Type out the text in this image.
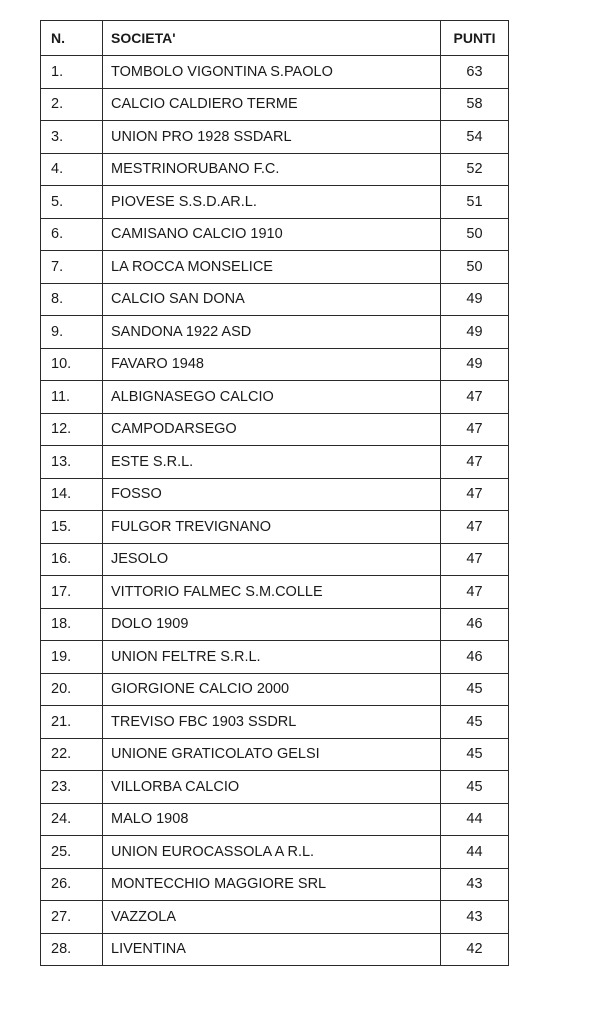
N.	SOCIETA'	PUNTI
1.	TOMBOLO VIGONTINA S.PAOLO	63
2.	CALCIO CALDIERO TERME	58
3.	UNION PRO 1928 SSDARL	54
4.	MESTRINORUBANO F.C.	52
5.	PIOVESE S.S.D.AR.L.	51
6.	CAMISANO CALCIO 1910	50
7.	LA ROCCA MONSELICE	50
8.	CALCIO SAN DONA	49
9.	SANDONA 1922 ASD	49
10.	FAVARO 1948	49
11.	ALBIGNASEGO CALCIO	47
12.	CAMPODARSEGO	47
13.	ESTE S.R.L.	47
14.	FOSSO	47
15.	FULGOR TREVIGNANO	47
16.	JESOLO	47
17.	VITTORIO FALMEC S.M.COLLE	47
18.	DOLO 1909	46
19.	UNION FELTRE S.R.L.	46
20.	GIORGIONE CALCIO 2000	45
21.	TREVISO FBC 1903 SSDRL	45
22.	UNIONE GRATICOLATO GELSI	45
23.	VILLORBA CALCIO	45
24.	MALO 1908	44
25.	UNION EUROCASSOLA A R.L.	44
26.	MONTECCHIO MAGGIORE SRL	43
27.	VAZZOLA	43
28.	LIVENTINA	42
